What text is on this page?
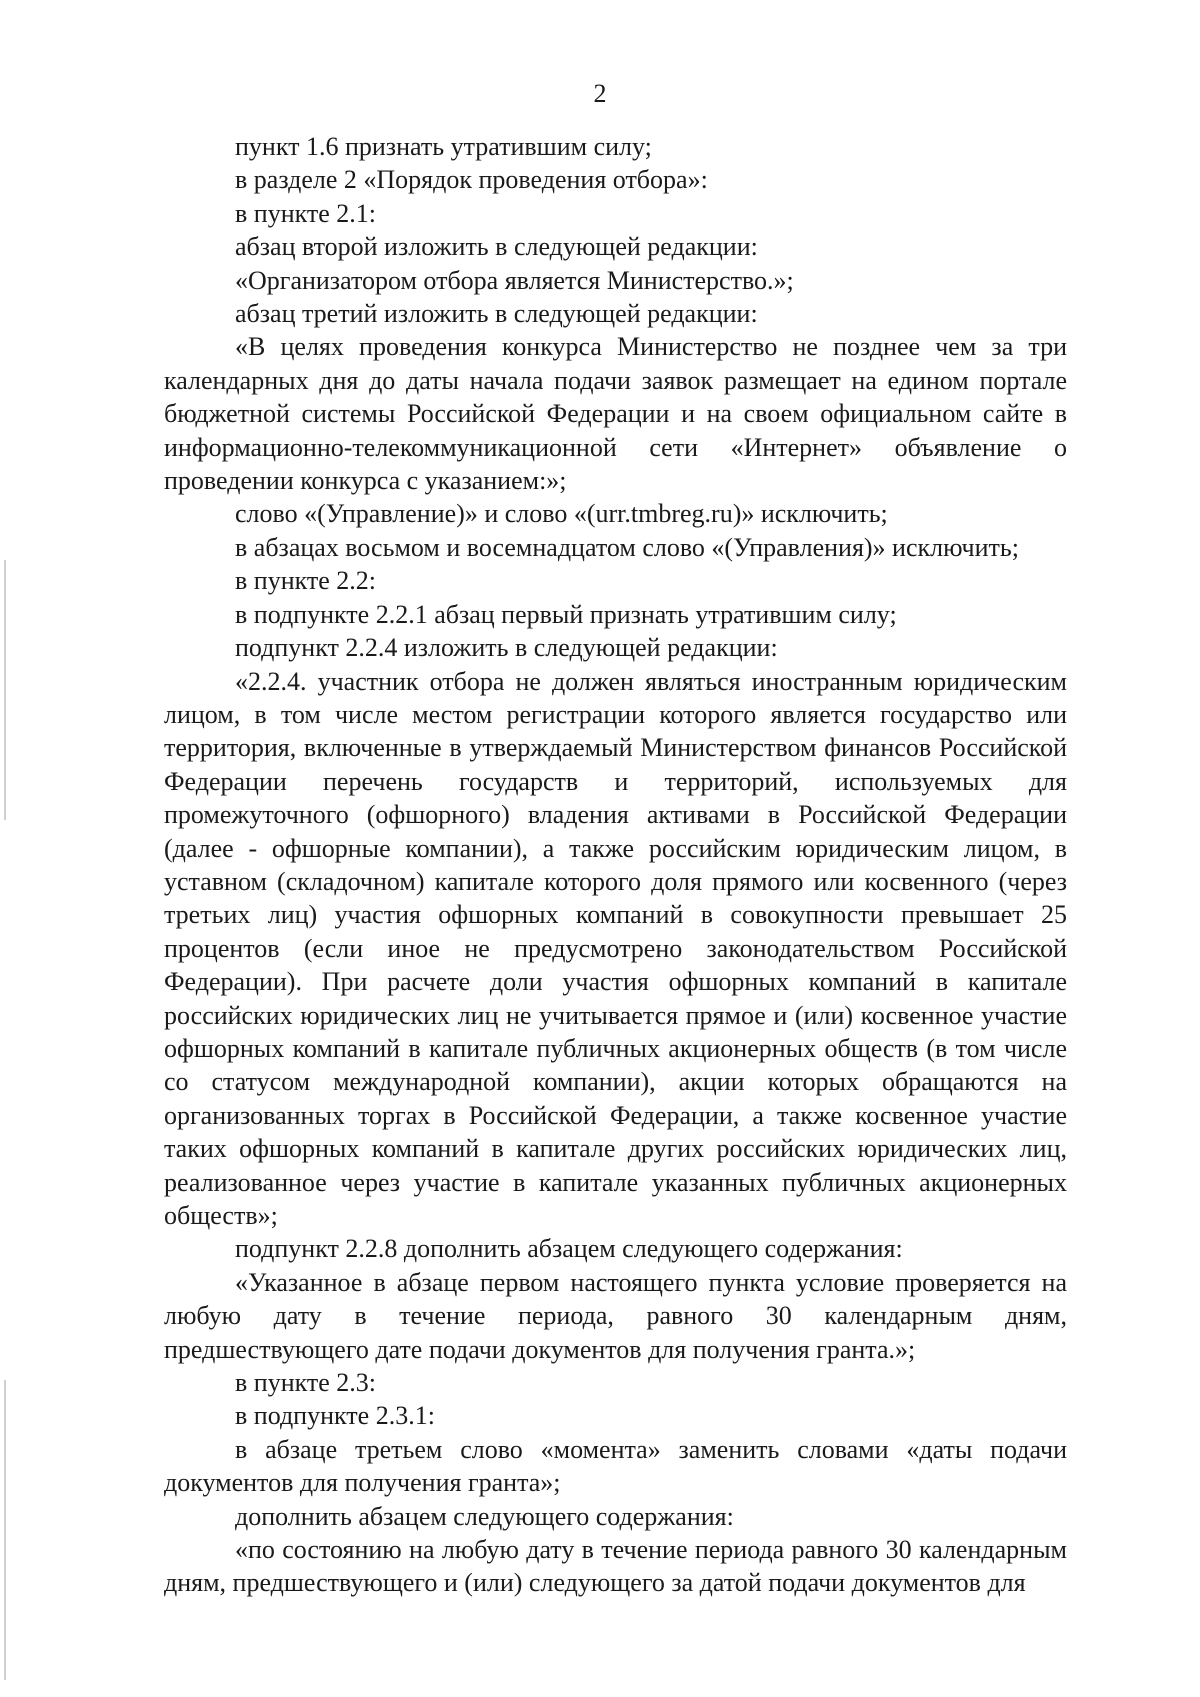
2

пункт 1.6 признать утратившим силу;

в разделе 2 «Порядок проведения отбора»:

в пункте 2.1:

абзац второй изложить в следующей редакции:

«Организатором отбора является Министерство.»;

абзац третий изложить в следующей редакции:

«В целях проведения конкурса Министерство не позднее чем за три календарных дня до даты начала подачи заявок размещает на едином портале бюджетной системы Российской Федерации и на своем официальном сайте в информационно-телекоммуникационной сети «Интернет» объявление о проведении конкурса с указанием:»;

слово «(Управление)» и слово «(urr.tmbreg.ru)» исключить;

в абзацах восьмом и восемнадцатом слово «(Управления)» исключить;

в пункте 2.2:

в подпункте 2.2.1 абзац первый признать утратившим силу;

подпункт 2.2.4 изложить в следующей редакции:

«2.2.4. участник отбора не должен являться иностранным юридическим лицом, в том числе местом регистрации которого является государство или территория, включенные в утверждаемый Министерством финансов Российской Федерации перечень государств и территорий, используемых для промежуточного (офшорного) владения активами в Российской Федерации (далее - офшорные компании), а также российским юридическим лицом, в уставном (складочном) капитале которого доля прямого или косвенного (через третьих лиц) участия офшорных компаний в совокупности превышает 25 процентов (если иное не предусмотрено законодательством Российской Федерации). При расчете доли участия офшорных компаний в капитале российских юридических лиц не учитывается прямое и (или) косвенное участие офшорных компаний в капитале публичных акционерных обществ (в том числе со статусом международной компании), акции которых обращаются на организованных торгах в Российской Федерации, а также косвенное участие таких офшорных компаний в капитале других российских юридических лиц, реализованное через участие в капитале указанных публичных акционерных обществ»;

подпункт 2.2.8 дополнить абзацем следующего содержания:

«Указанное в абзаце первом настоящего пункта условие проверяется на любую дату в течение периода, равного 30 календарным дням, предшествующего дате подачи документов для получения гранта.»;

в пункте 2.3:

в подпункте 2.3.1:

в абзаце третьем слово «момента» заменить словами «даты подачи документов для получения гранта»;

дополнить абзацем следующего содержания:

«по состоянию на любую дату в течение периода равного 30 календарным дням, предшествующего и (или) следующего за датой подачи документов для
